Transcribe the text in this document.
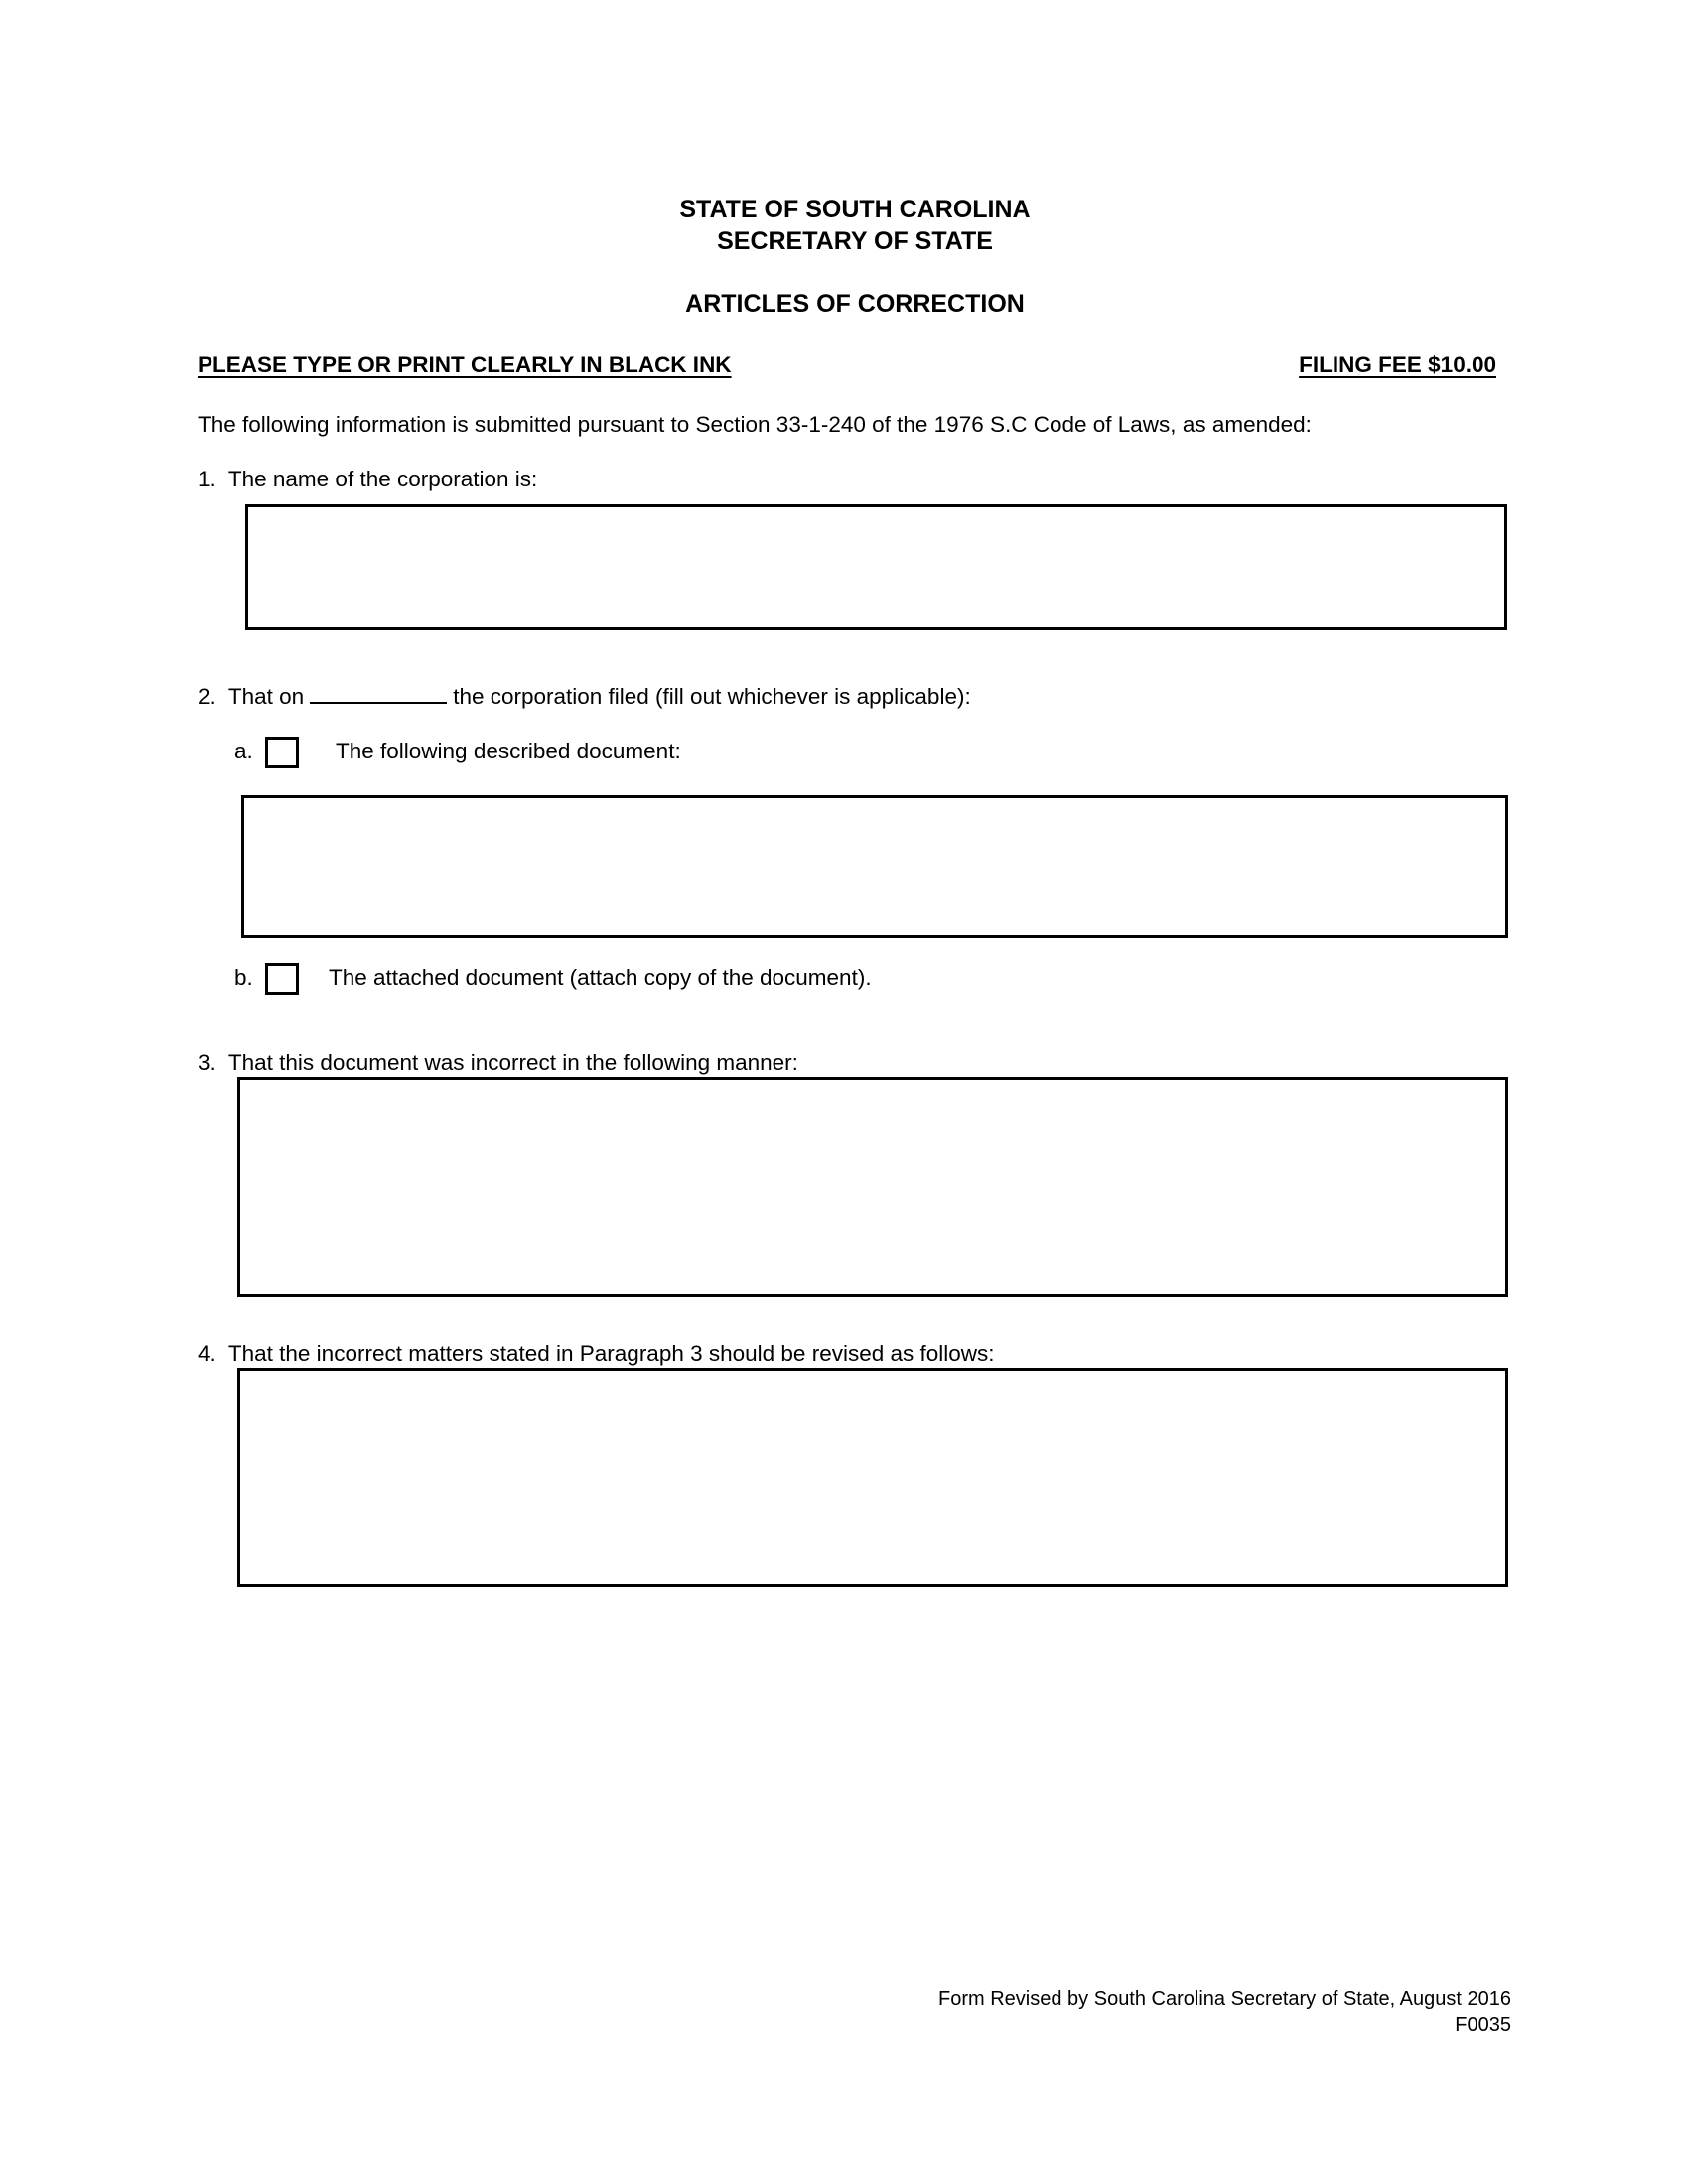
STATE OF SOUTH CAROLINA
SECRETARY OF STATE
ARTICLES OF CORRECTION
PLEASE TYPE OR PRINT CLEARLY IN BLACK INK	FILING FEE $10.00
The following information is submitted pursuant to Section 33-1-240 of the 1976 S.C Code of Laws, as amended:
1. The name of the corporation is:
2. That on	the corporation filed (fill out whichever is applicable):
a.	The following described document:
b.	The attached document (attach copy of the document).
3. That this document was incorrect in the following manner:
4. That the incorrect matters stated in Paragraph 3 should be revised as follows:
Form Revised by South Carolina Secretary of State, August 2016
F0035
